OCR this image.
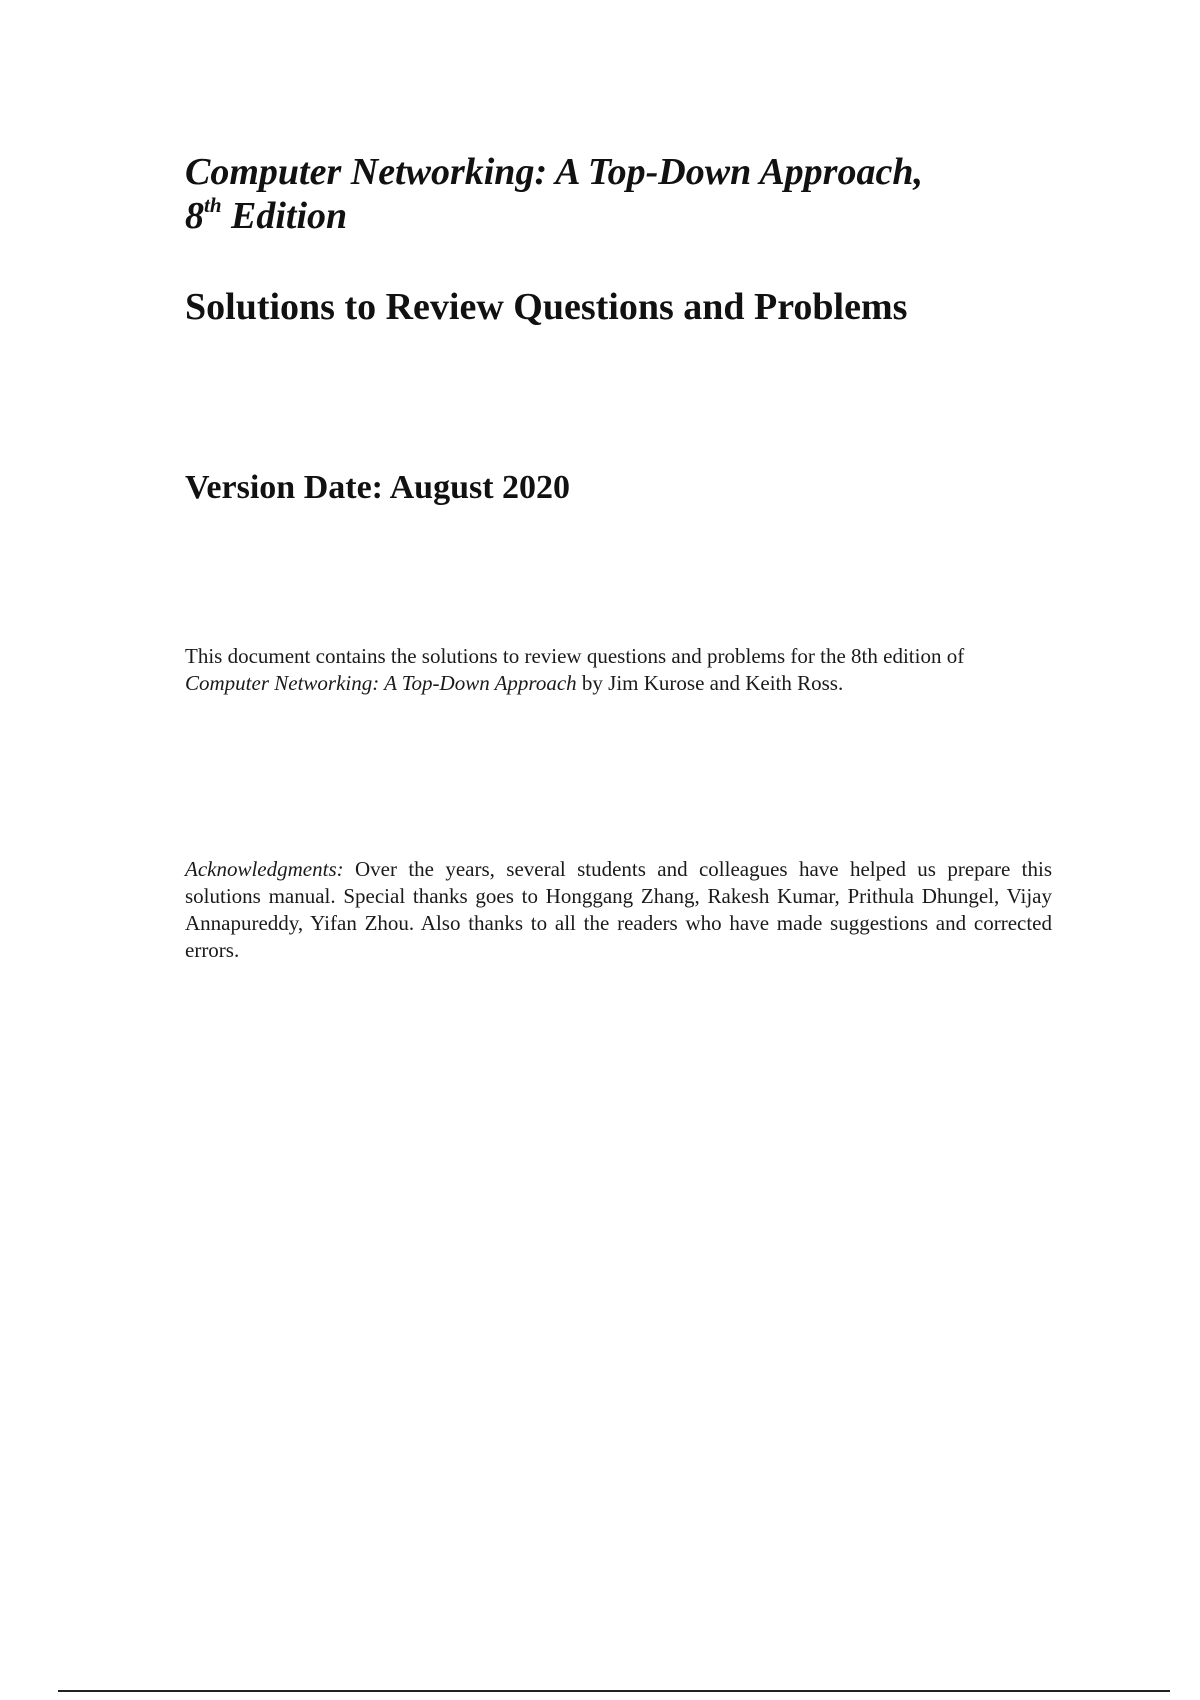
Computer Networking: A Top-Down Approach,
8th Edition
Solutions to Review Questions and Problems
Version Date: August 2020

This document contains the solutions to review questions and problems for the 8th edition of Computer Networking: A Top-Down Approach by Jim Kurose and Keith Ross.

Acknowledgments: Over the years, several students and colleagues have helped us prepare this solutions manual. Special thanks goes to Honggang Zhang, Rakesh Kumar, Prithula Dhungel, Vijay Annapureddy, Yifan Zhou. Also thanks to all the readers who have made suggestions and corrected errors.
